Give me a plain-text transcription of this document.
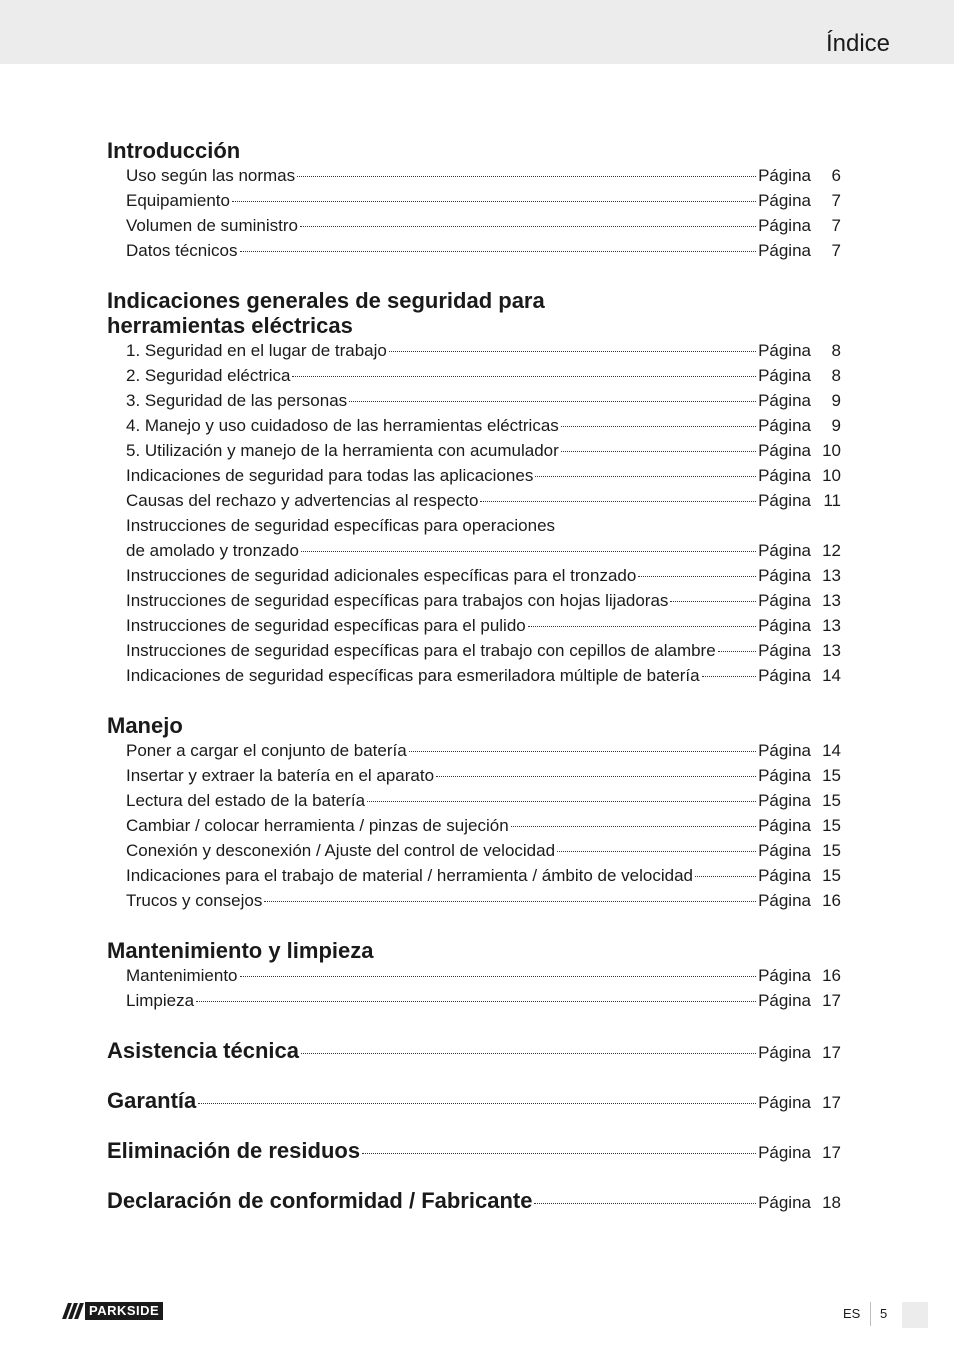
Índice
Introducción
Uso según las normas	Página	6
Equipamiento	Página	7
Volumen de suministro	Página	7
Datos técnicos	Página	7
Indicaciones generales de seguridad para
herramientas eléctricas
1. Seguridad en el lugar de trabajo	Página	8
2. Seguridad eléctrica	Página	8
3. Seguridad de las personas	Página	9
4. Manejo y uso cuidadoso de las herramientas eléctricas	Página	9
5. Utilización y manejo de la herramienta con acumulador	Página 10
Indicaciones de seguridad para todas las aplicaciones	Página 10
Causas del rechazo y advertencias al respecto	Página 11
Instrucciones de seguridad específicas para operaciones
de amolado y tronzado	Página 12
Instrucciones de seguridad adicionales específicas para el tronzado	Página 13
Instrucciones de seguridad específicas para trabajos con hojas lijadoras	Página 13
Instrucciones de seguridad específicas para el pulido	Página 13
Instrucciones de seguridad específicas para el trabajo con cepillos de alambre Página 13
Indicaciones de seguridad específicas para esmeriladora múltiple de batería	Página 14
Manejo
Poner a cargar el conjunto de batería	Página 14
Insertar y extraer la batería en el aparato	Página 15
Lectura del estado de la batería	Página 15
Cambiar / colocar herramienta / pinzas de sujeción	Página 15
Conexión y desconexión / Ajuste del control de velocidad	Página 15
Indicaciones para el trabajo de material / herramienta / ámbito de velocidad	Página 15
Trucos y consejos	Página 16
Mantenimiento y limpieza
Mantenimiento	Página 16
Limpieza	Página 17
Asistencia técnica	Página 17
Garantía	Página 17
Eliminación de residuos	Página 17
Declaración de conformidad / Fabricante	Página 18
PARKSIDE	ES 5
